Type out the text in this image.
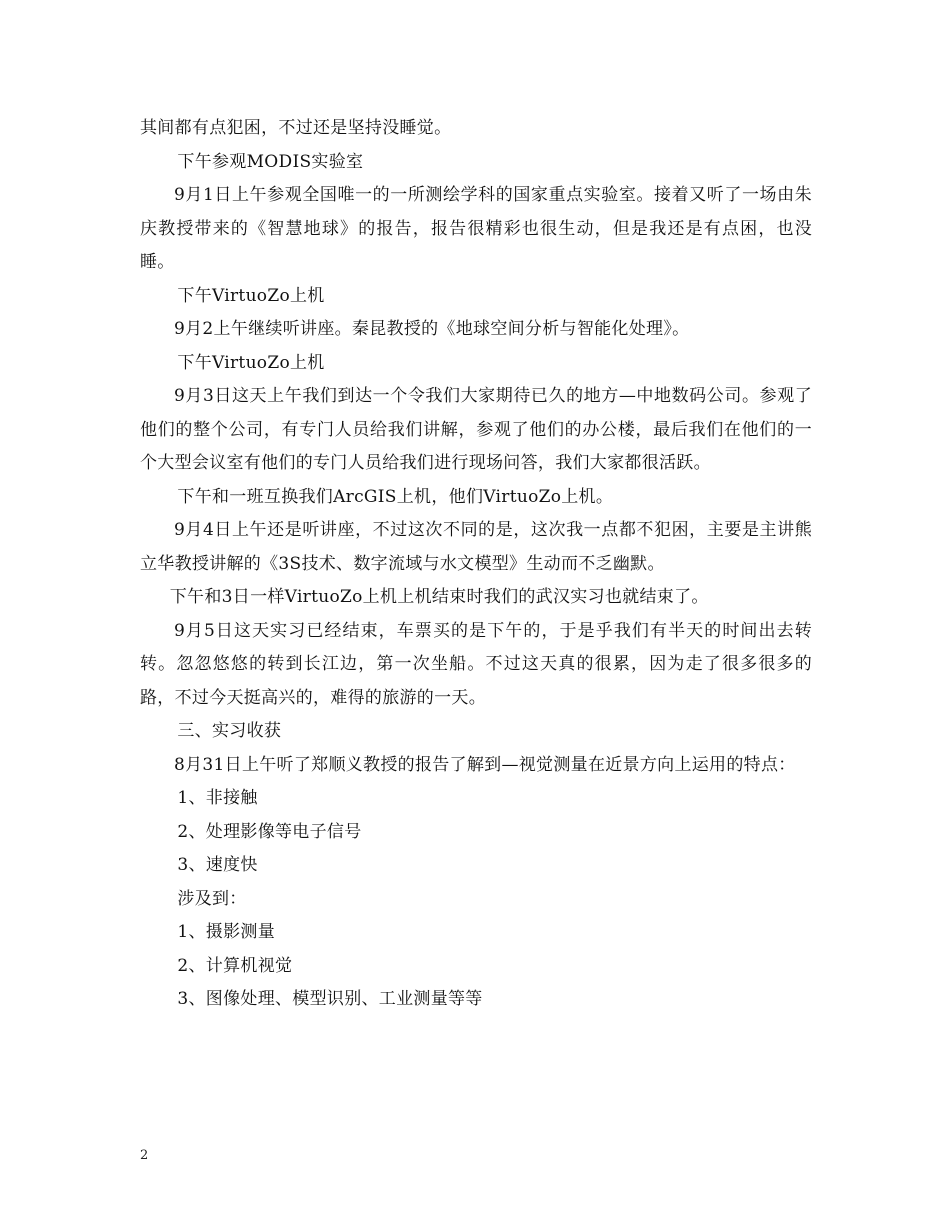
其间都有点犯困，不过还是坚持没睡觉。

下午参观MODIS实验室

9月1日上午参观全国唯一的一所测绘学科的国家重点实验室。接着又听了一场由朱庆教授带来的《智慧地球》的报告，报告很精彩也很生动，但是我还是有点困，也没睡。

下午VirtuoZo上机

9月2上午继续听讲座。秦昆教授的《地球空间分析与智能化处理》。

下午VirtuoZo上机

9月3日这天上午我们到达一个令我们大家期待已久的地方—中地数码公司。参观了他们的整个公司，有专门人员给我们讲解，参观了他们的办公楼，最后我们在他们的一个大型会议室有他们的专门人员给我们进行现场问答，我们大家都很活跃。

下午和一班互换我们ArcGIS上机，他们VirtuoZo上机。

9月4日上午还是听讲座，不过这次不同的是，这次我一点都不犯困，主要是主讲熊立华教授讲解的《3S技术、数字流域与水文模型》生动而不乏幽默。

下午和3日一样VirtuoZo上机上机结束时我们的武汉实习也就结束了。

9月5日这天实习已经结束，车票买的是下午的，于是乎我们有半天的时间出去转转。忽忽悠悠的转到长江边，第一次坐船。不过这天真的很累，因为走了很多很多的路，不过今天挺高兴的，难得的旅游的一天。

三、实习收获

8月31日上午听了郑顺义教授的报告了解到—视觉测量在近景方向上运用的特点：

1、非接触

2、处理影像等电子信号

3、速度快

涉及到：

1、摄影测量

2、计算机视觉

3、图像处理、模型识别、工业测量等等

2
